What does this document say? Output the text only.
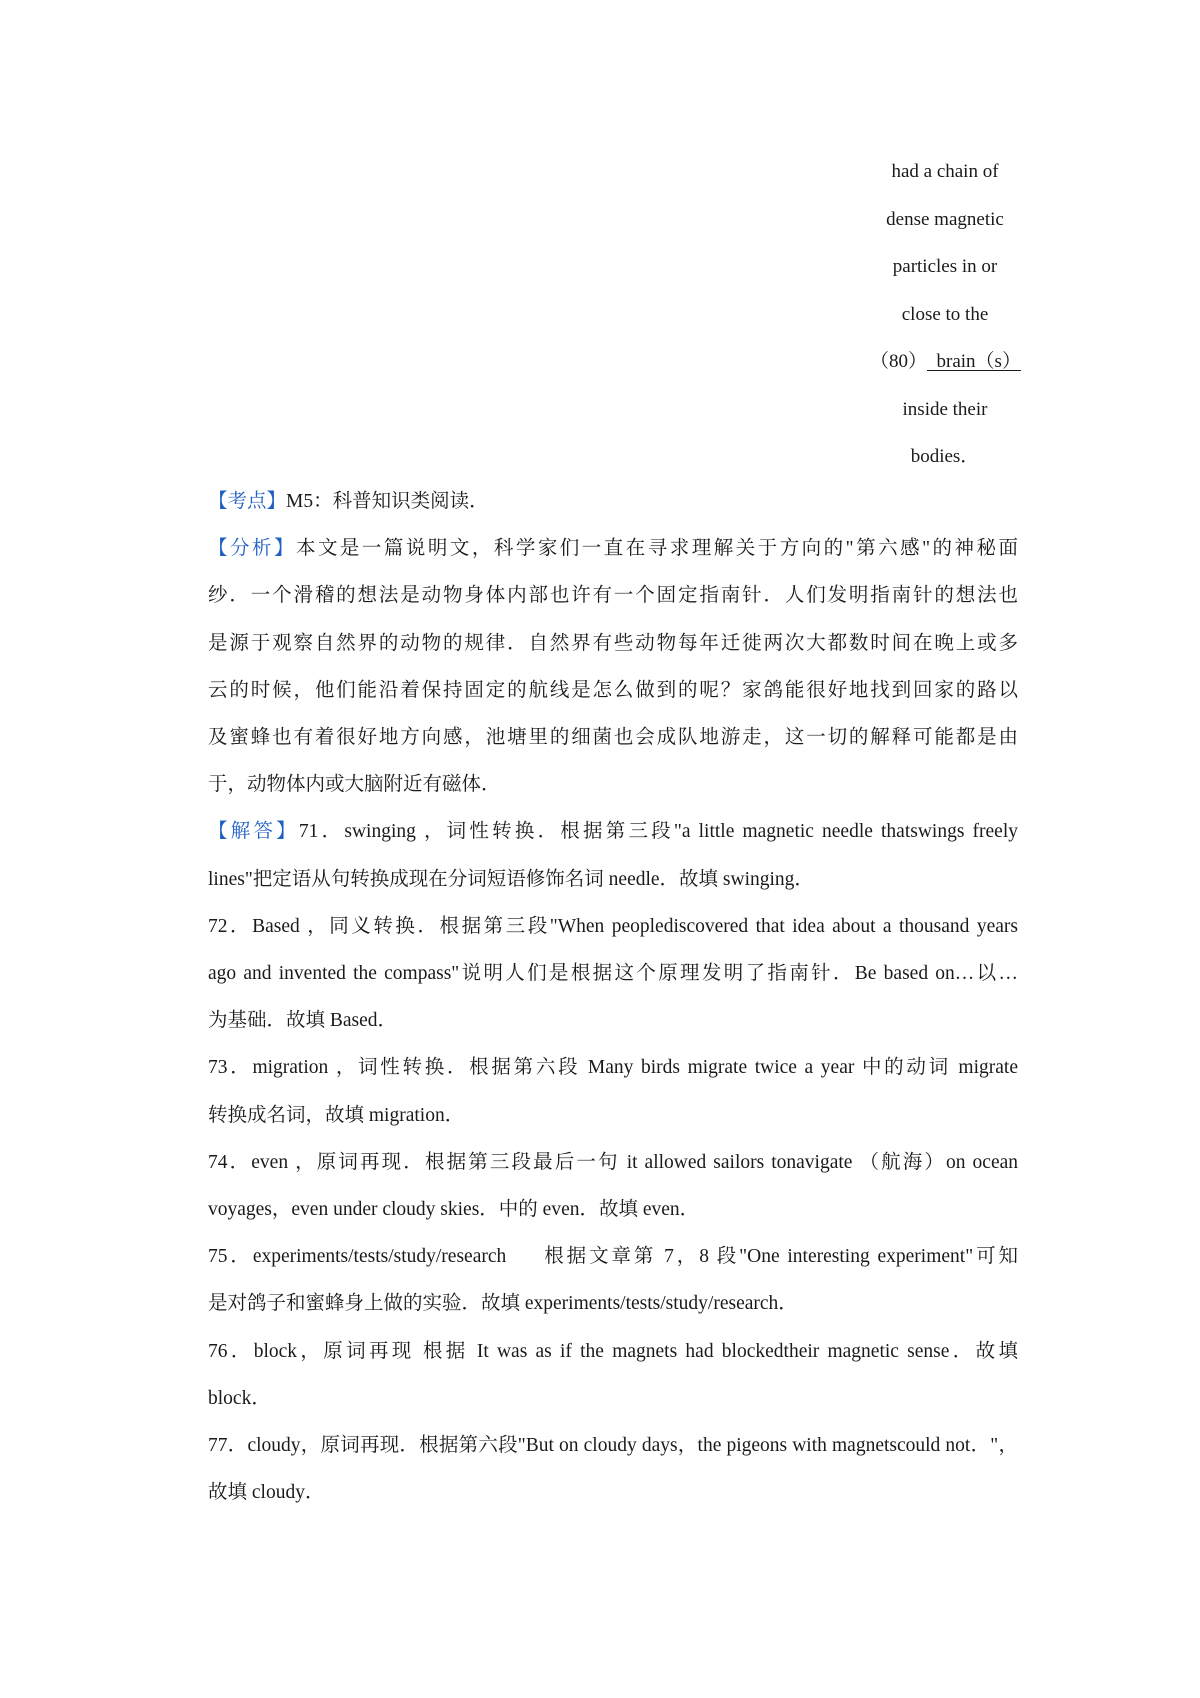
had a chain of
dense magnetic
particles in or
close to the
（80）  brain（s）
inside their
bodies．

【考点】M5：科普知识类阅读．

【分析】本文是一篇说明文，科学家们一直在寻求理解关于方向的"第六感"的神秘面
纱．一个滑稽的想法是动物身体内部也许有一个固定指南针．人们发明指南针的想法也
是源于观察自然界的动物的规律．自然界有些动物每年迁徙两次大都数时间在晚上或多
云的时候，他们能沿着保持固定的航线是怎么做到的呢？家鸽能很好地找到回家的路以
及蜜蜂也有着很好地方向感，池塘里的细菌也会成队地游走，这一切的解释可能都是由
于，动物体内或大脑附近有磁体．

【解答】71．swinging ，词性转换．根据第三段"a little magnetic needle thatswings freely
lines"把定语从句转换成现在分词短语修饰名词 needle．故填 swinging．

72．Based ，同义转换．根据第三段"When peoplediscovered that idea about a thousand years
ago and invented the compass"说明人们是根据这个原理发明了指南针．Be based on…以…
为基础．故填 Based．

73．migration ，词性转换．根据第六段 Many birds migrate twice a year 中的动词 migrate
转换成名词，故填 migration．

74．even ，原词再现．根据第三段最后一句 it allowed sailors tonavigate （航海）on ocean
voyages，even under cloudy skies．中的 even．故填 even．

75．experiments/tests/study/research 　 根据文章第 7，8 段"One interesting experiment"可知
是对鸽子和蜜蜂身上做的实验．故填 experiments/tests/study/research．

76．block，原词再现 根据 It was as if the magnets had blockedtheir magnetic sense．故填
block．

77．cloudy，原词再现．根据第六段"But on cloudy days，the pigeons with magnetscould not．"，
故填 cloudy．
